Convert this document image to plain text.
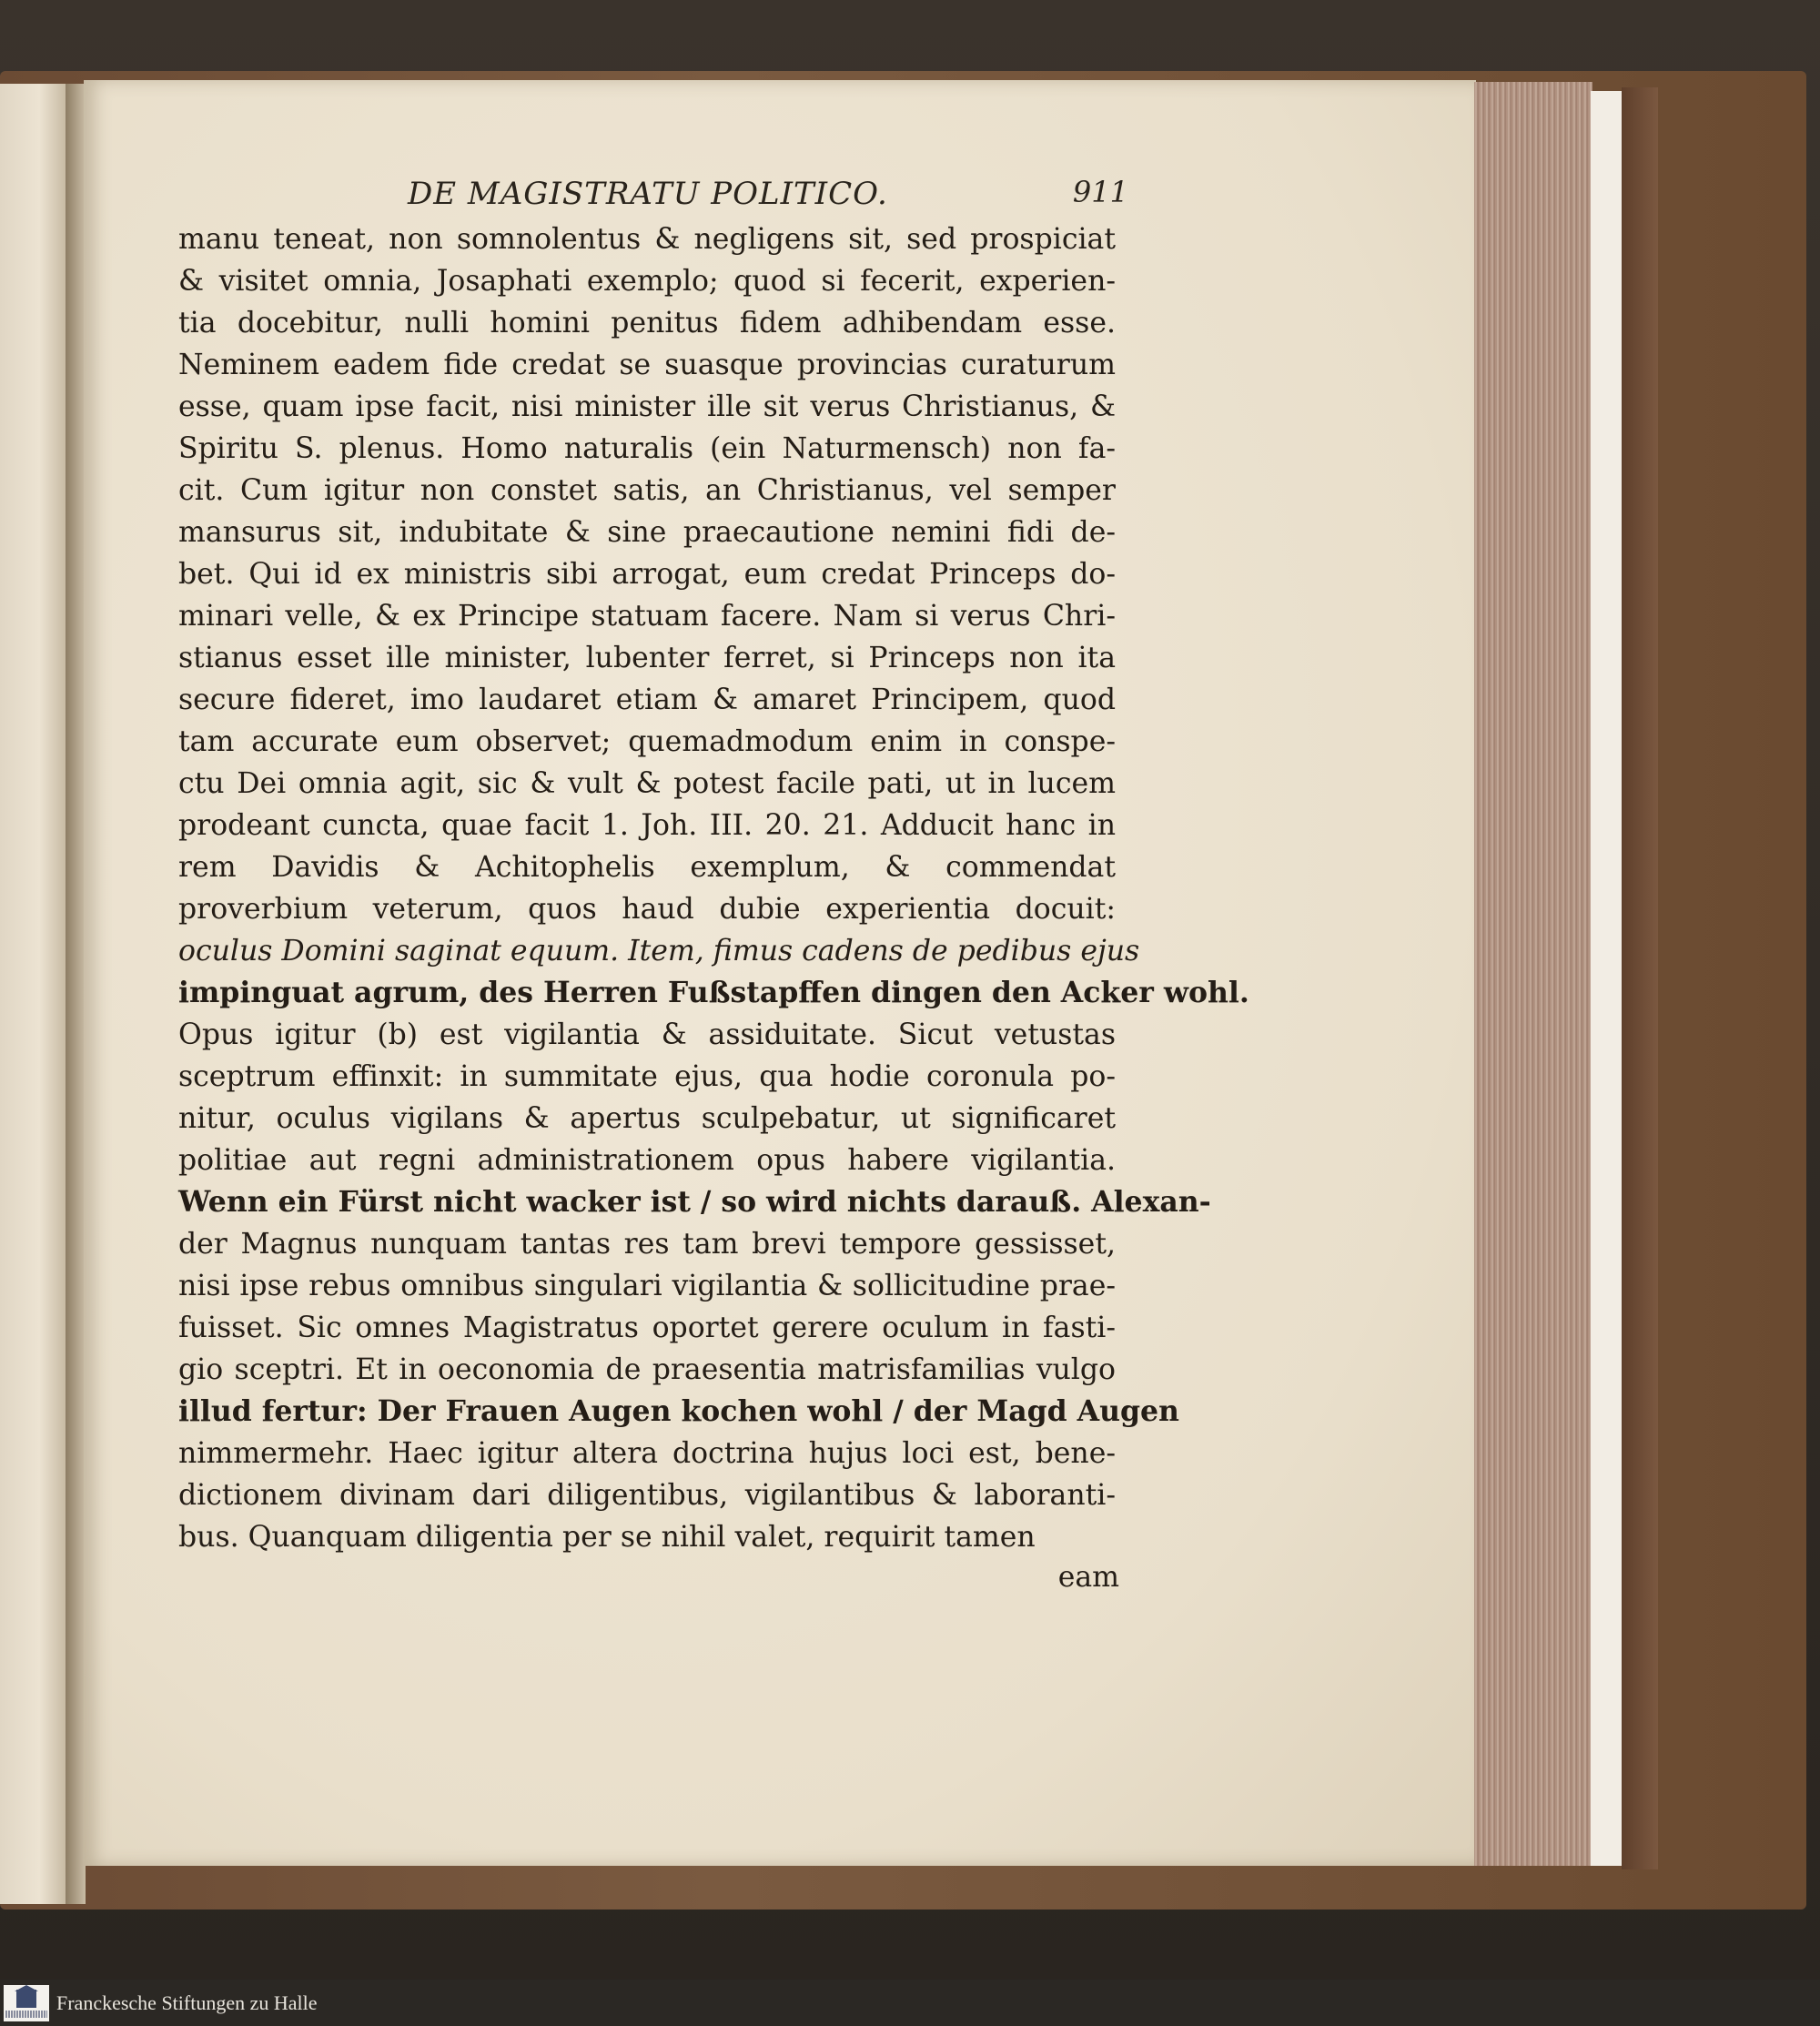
DE MAGISTRATU POLITICO.	911
manu teneat, non somnolentus & negligens sit, sed prospiciat
& visitet omnia, Josaphati exemplo; quod si fecerit, experien-
tia docebitur, nulli homini penitus fidem adhibendam esse.
Neminem eadem fide credat se suasque provincias curaturum
esse, quam ipse facit, nisi minister ille sit verus Christianus, &
Spiritu S. plenus. Homo naturalis (ein Naturmensch) non fa-
cit. Cum igitur non constet satis, an Christianus, vel semper
mansurus sit, indubitate & sine praecautione nemini fidi de-
bet. Qui id ex ministris sibi arrogat, eum credat Princeps do-
minari velle, & ex Principe statuam facere. Nam si verus Chri-
stianus esset ille minister, lubenter ferret, si Princeps non ita
secure fideret, imo laudaret etiam & amaret Principem, quod
tam accurate eum observet; quemadmodum enim in conspe-
ctu Dei omnia agit, sic & vult & potest facile pati, ut in lucem
prodeant cuncta, quae facit 1. Joh. III. 20. 21. Adducit hanc in
rem Davidis & Achitophelis exemplum, & commendat
proverbium veterum, quos haud dubie experientia docuit:
oculus Domini saginat equum. Item, fimus cadens de pedibus ejus
impinguat agrum, des Herren Fußstapffen dingen den Acker wohl.
Opus igitur (b) est vigilantia & assiduitate. Sicut vetustas
sceptrum effinxit: in summitate ejus, qua hodie coronula po-
nitur, oculus vigilans & apertus sculpebatur, ut significaret
politiae aut regni administrationem opus habere vigilantia.
Wenn ein Fürst nicht wacker ist / so wird nichts darauß. Alexan-
der Magnus nunquam tantas res tam brevi tempore gessisset,
nisi ipse rebus omnibus singulari vigilantia & sollicitudine prae-
fuisset. Sic omnes Magistratus oportet gerere oculum in fasti-
gio sceptri. Et in oeconomia de praesentia matrisfamilias vulgo
illud fertur: Der Frauen Augen kochen wohl / der Magd Augen
nimmermehr. Haec igitur altera doctrina hujus loci est, bene-
dictionem divinam dari diligentibus, vigilantibus & laboranti-
bus. Quanquam diligentia per se nihil valet, requirit tamen
eam
Franckesche Stiftungen zu Halle
